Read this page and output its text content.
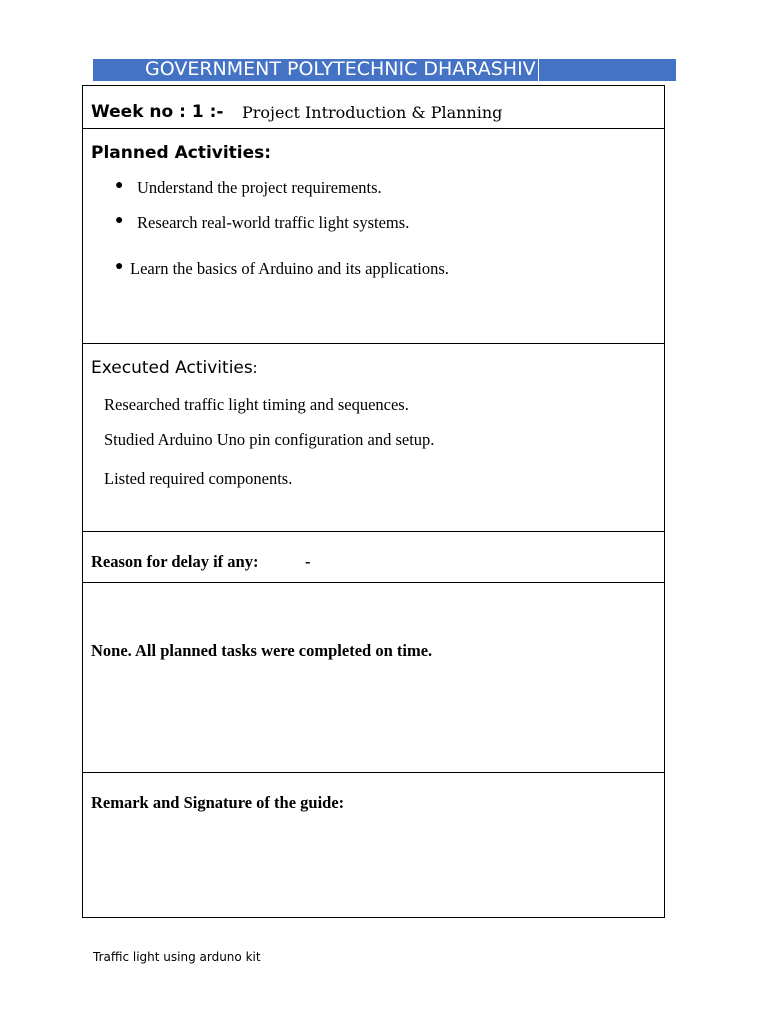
GOVERNMENT POLYTECHNIC DHARASHIV
Week no : 1 :- Project Introduction & Planning
Planned Activities:
● Understand the project requirements.
● Research real-world traffic light systems.
● Learn the basics of Arduino and its applications.
Executed Activities:
Researched traffic light timing and sequences.
Studied Arduino Uno pin configuration and setup.
Listed required components.
Reason for delay if any:	-
None. All planned tasks were completed on time.
Remark and Signature of the guide:
Traffic light using arduno kit
